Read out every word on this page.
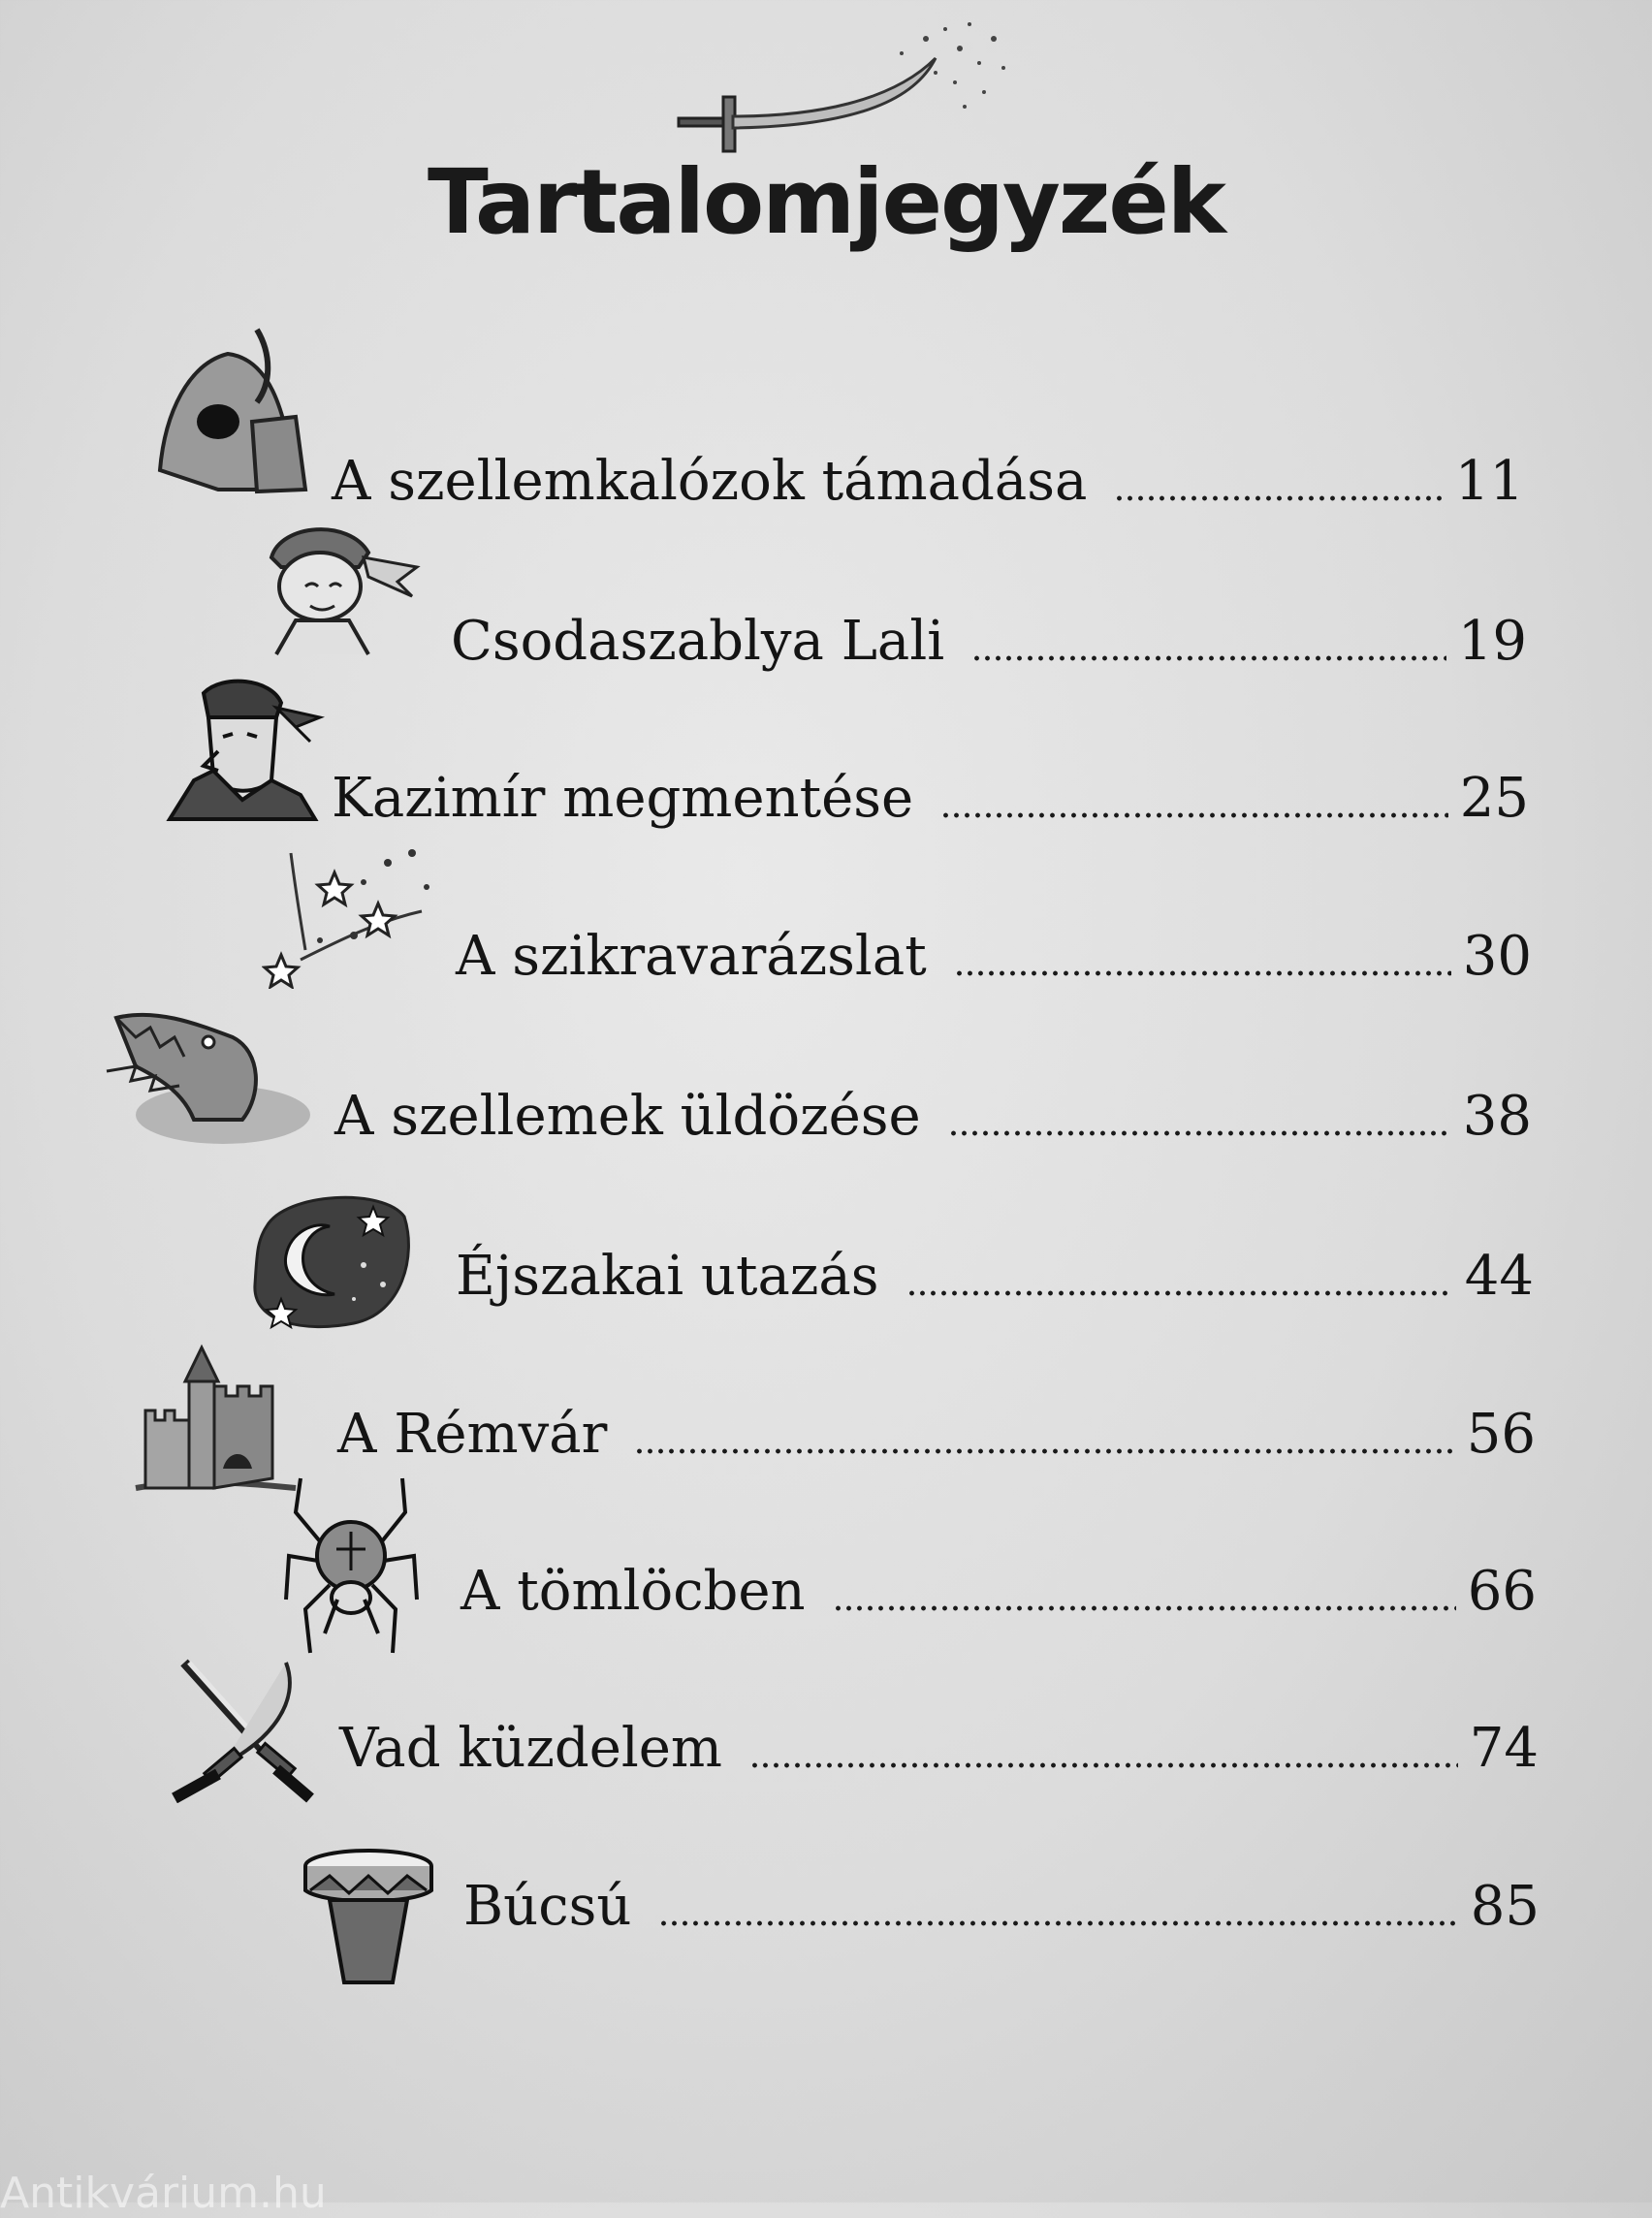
Tartalomjegyzék
A szellemkalózok támadása	11
Csodaszablya Lali	19
Kazimír megmentése	25
A szikravarázslat	30
A szellemek üldözése	38
Éjszakai utazás	44
A Rémvár	56
A tömlöcben	66
Vad küzdelem	74
Búcsú	85
Antikvárium.hu
